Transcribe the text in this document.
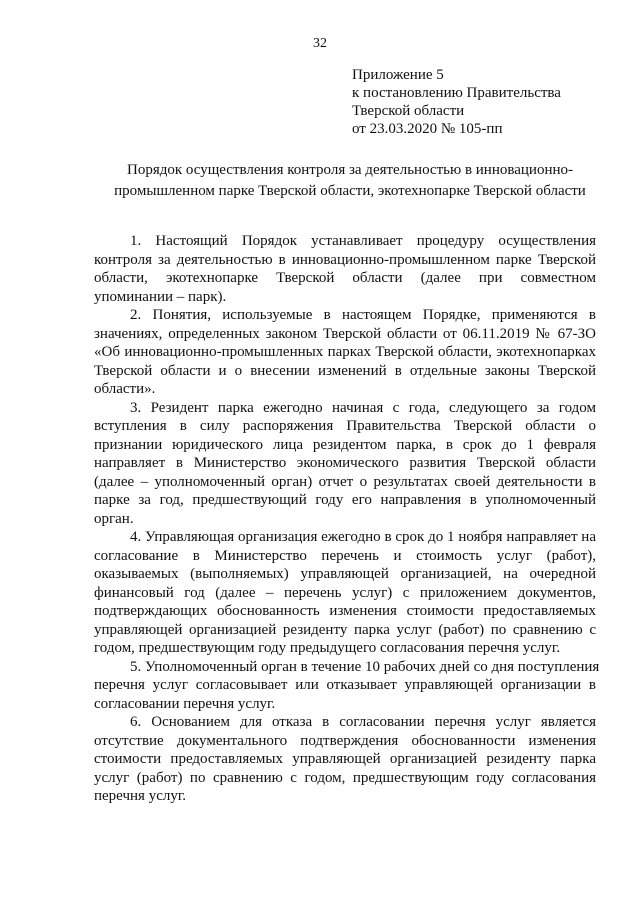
32
Приложение 5
к постановлению Правительства
Тверской области
от 23.03.2020 № 105-пп
Порядок осуществления контроля за деятельностью в инновационно-
промышленном парке Тверской области, экотехнопарке Тверской области

1. Настоящий Порядок устанавливает процедуру осуществления
контроля за деятельностью в инновационно-промышленном парке Тверской
области, экотехнопарке Тверской области (далее при совместном
упоминании – парк).

2. Понятия, используемые в настоящем Порядке, применяются в
значениях, определенных законом Тверской области от 06.11.2019 № 67-ЗО
«Об инновационно-промышленных парках Тверской области, экотехнопарках
Тверской области и о внесении изменений в отдельные законы Тверской
области».

3. Резидент парка ежегодно начиная с года, следующего за годом
вступления в силу распоряжения Правительства Тверской области о
признании юридического лица резидентом парка, в срок до 1 февраля
направляет в Министерство экономического развития Тверской области
(далее – уполномоченный орган) отчет о результатах своей деятельности в
парке за год, предшествующий году его направления в уполномоченный
орган.

4. Управляющая организация ежегодно в срок до 1 ноября направляет на
согласование в Министерство перечень и стоимость услуг (работ),
оказываемых (выполняемых) управляющей организацией, на очередной
финансовый год (далее – перечень услуг) с приложением документов,
подтверждающих обоснованность изменения стоимости предоставляемых
управляющей организацией резиденту парка услуг (работ) по сравнению с
годом, предшествующим году предыдущего согласования перечня услуг.

5. Уполномоченный орган в течение 10 рабочих дней со дня поступления
перечня услуг согласовывает или отказывает управляющей организации в
согласовании перечня услуг.

6. Основанием для отказа в согласовании перечня услуг является
отсутствие документального подтверждения обоснованности изменения
стоимости предоставляемых управляющей организацией резиденту парка
услуг (работ) по сравнению с годом, предшествующим году согласования
перечня услуг.
